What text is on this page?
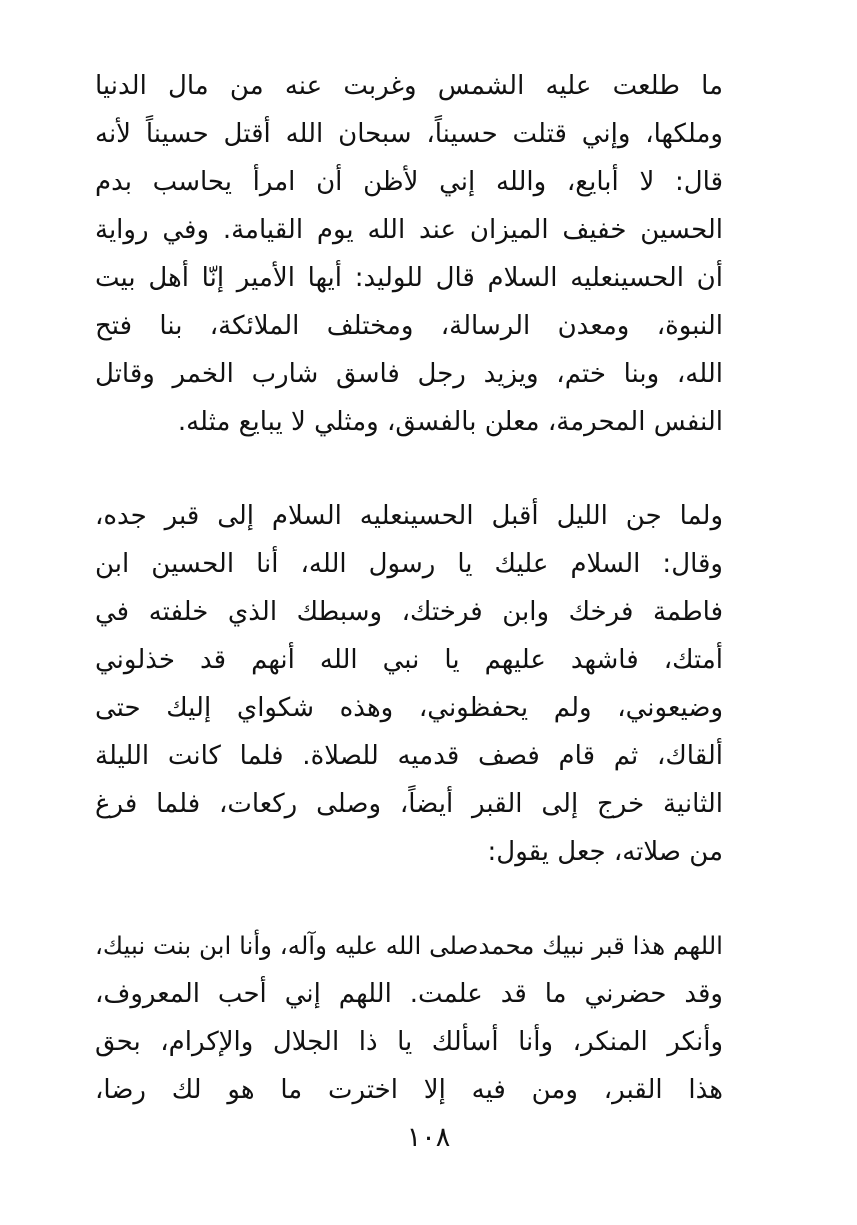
ما طلعت عليه الشمس وغربت عنه من مال الدنيا
وملكها، وإني قتلت حسيناً، سبحان الله أقتل حسيناً لأنه
قال: لا أبايع، والله إني لأظن أن امرأ يحاسب بدم
الحسين خفيف الميزان عند الله يوم القيامة. وفي رواية
أن الحسينعليه السلام قال للوليد: أيها الأمير إنّا أهل بيت
النبوة، ومعدن الرسالة، ومختلف الملائكة، بنا فتح
الله، وبنا ختم، ويزيد رجل فاسق شارب الخمر وقاتل
النفس المحرمة، معلن بالفسق، ومثلي لا يبايع مثله.
ولما جن الليل أقبل الحسينعليه السلام إلى قبر جده،
وقال: السلام عليك يا رسول الله، أنا الحسين ابن
فاطمة فرخك وابن فرختك، وسبطك الذي خلفته في
أمتك، فاشهد عليهم يا نبي الله أنهم قد خذلوني
وضيعوني، ولم يحفظوني، وهذه شكواي إليك حتى
ألقاك، ثم قام فصف قدميه للصلاة. فلما كانت الليلة
الثانية خرج إلى القبر أيضاً، وصلى ركعات، فلما فرغ
من صلاته، جعل يقول:
اللهم هذا قبر نبيك محمدصلى الله عليه وآله، وأنا ابن بنت نبيك،
وقد حضرني ما قد علمت. اللهم إني أحب المعروف،
وأنكر المنكر، وأنا أسألك يا ذا الجلال والإكرام، بحق
هذا القبر، ومن فيه إلا اخترت ما هو لك رضا،
١٠٨
